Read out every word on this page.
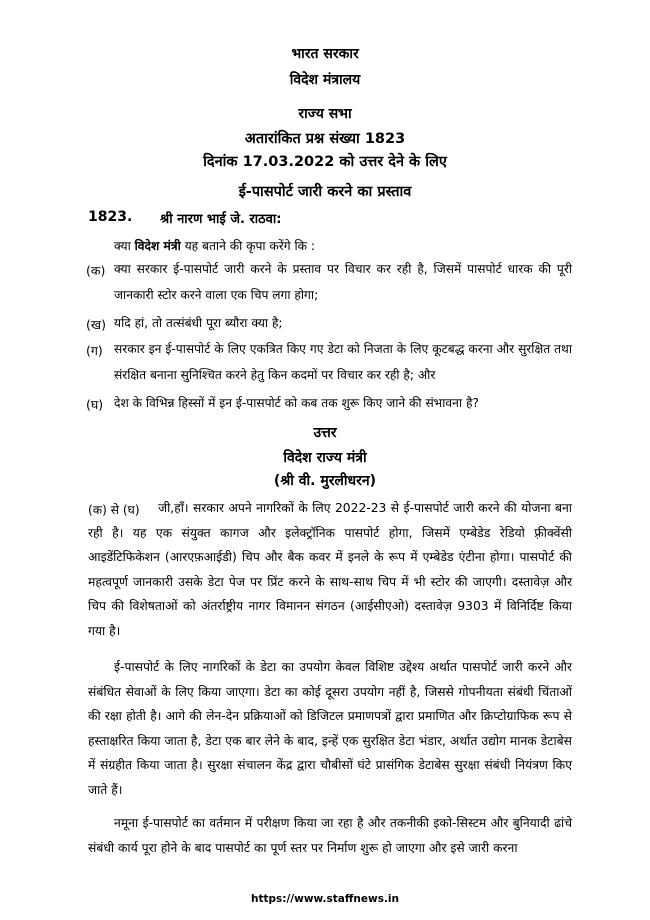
भारत सरकार
विदेश मंत्रालय
राज्य सभा
अतारांकित प्रश्न संख्या 1823
दिनांक 17.03.2022 को उत्तर देने के लिए
ई-पासपोर्ट जारी करने का प्रस्ताव
1823. श्री नारण भाई जे. राठवा:
क्या विदेश मंत्री यह बताने की कृपा करेंगे कि :
(क) क्या सरकार ई-पासपोर्ट जारी करने के प्रस्ताव पर विचार कर रही है, जिसमें पासपोर्ट धारक की पूरी जानकारी स्टोर करने वाला एक चिप लगा होगा;
(ख) यदि हां, तो तत्संबंधी पूरा ब्यौरा क्या है;
(ग) सरकार इन ई-पासपोर्ट के लिए एकत्रित किए गए डेटा को निजता के लिए कूटबद्ध करना और सुरक्षित तथा संरक्षित बनाना सुनिश्चित करने हेतु किन कदमों पर विचार कर रही है; और
(घ) देश के विभिन्न हिस्सों में इन ई-पासपोर्ट को कब तक शुरू किए जाने की संभावना है?
उत्तर
विदेश राज्य मंत्री
(श्री वी. मुरलीधरन)
(क) से (घ)	जी,हाँ। सरकार अपने नागरिकों के लिए 2022-23 से ई-पासपोर्ट जारी करने की योजना बना रही है। यह एक संयुक्त कागज और इलेक्ट्रॉनिक पासपोर्ट होगा, जिसमें एम्बेडेड रेडियो फ़्रीक्वेंसी आइडेंटिफिकेशन (आरएफ़आईडी) चिप और बैक कवर में इनले के रूप में एम्बेडेड एंटीना होगा। पासपोर्ट की महत्वपूर्ण जानकारी उसके डेटा पेज पर प्रिंट करने के साथ-साथ चिप में भी स्टोर की जाएगी। दस्तावेज़ और चिप की विशेषताओं को अंतर्राष्ट्रीय नागर विमानन संगठन (आईसीएओ) दस्तावेज़ 9303 में विनिर्दिष्ट किया गया है।
ई-पासपोर्ट के लिए नागरिकों के डेटा का उपयोग केवल विशिष्ट उद्देश्य अर्थात पासपोर्ट जारी करने और संबंधित सेवाओं के लिए किया जाएगा। डेटा का कोई दूसरा उपयोग नहीं है, जिससे गोपनीयता संबंधी चिंताओं की रक्षा होती है। आगे की लेन-देन प्रक्रियाओं को डिजिटल प्रमाणपत्रों द्वारा प्रमाणित और क्रिप्टोग्राफिक रूप से हस्ताक्षरित किया जाता है, डेटा एक बार लेने के बाद, इन्हें एक सुरक्षित डेटा भंडार, अर्थात उद्योग मानक डेटाबेस में संग्रहीत किया जाता है। सुरक्षा संचालन केंद्र द्वारा चौबीसों घंटे प्रासंगिक डेटाबेस सुरक्षा संबंधी नियंत्रण किए जाते हैं।
नमूना ई-पासपोर्ट का वर्तमान में परीक्षण किया जा रहा है और तकनीकी इको-सिस्टम और बुनियादी ढांचे संबंधी कार्य पूरा होने के बाद पासपोर्ट का पूर्ण स्तर पर निर्माण शुरू हो जाएगा और इसे जारी करना
https://www.staffnews.in
